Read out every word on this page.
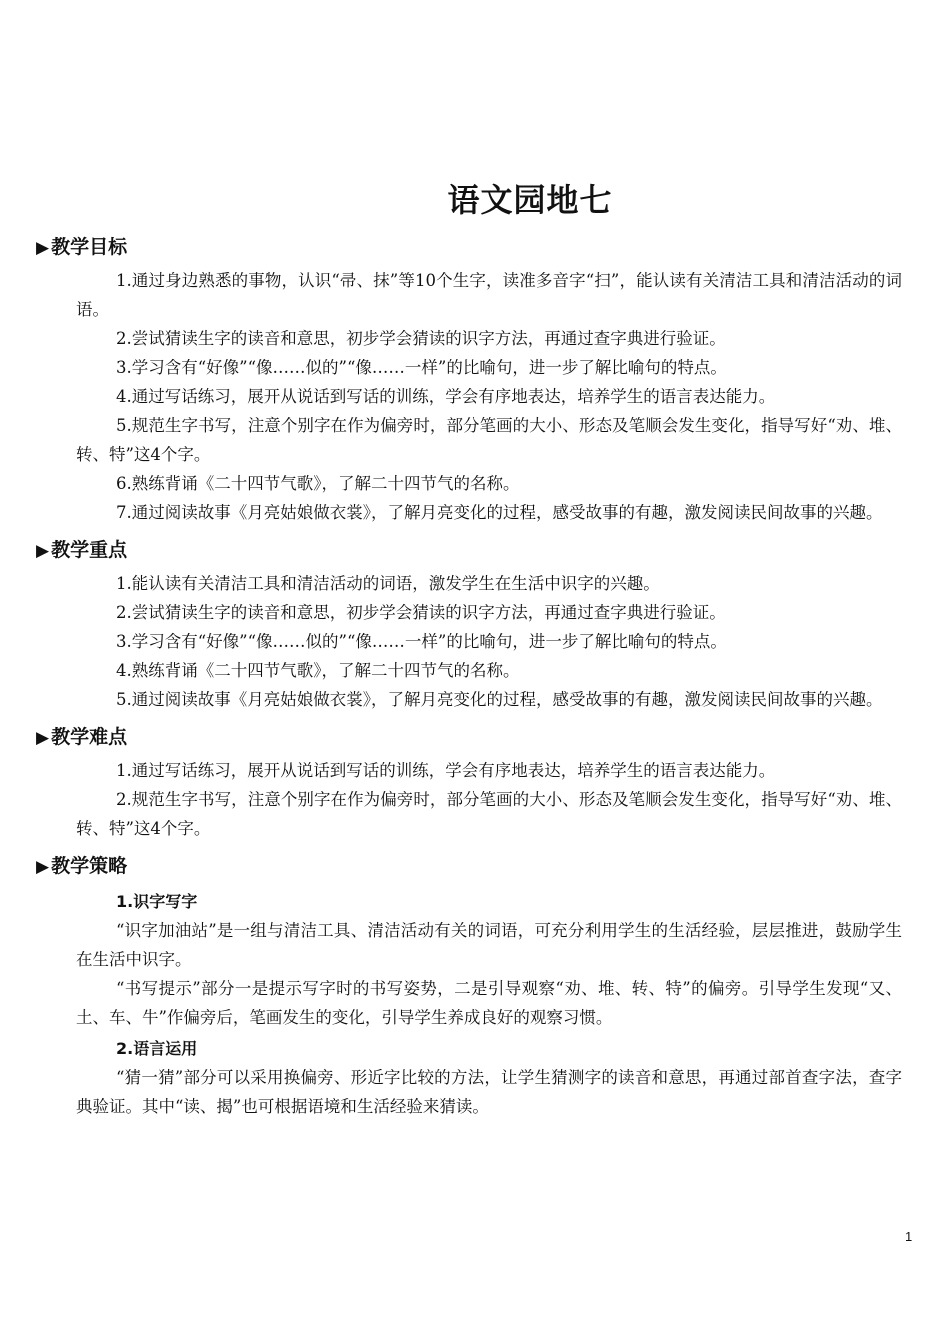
语文园地七
▶ 教学目标

1.通过身边熟悉的事物，认识“帚、抹”等10个生字，读准多音字“扫”，能认读有关清洁工具和清洁活动的词语。

2.尝试猜读生字的读音和意思，初步学会猜读的识字方法，再通过查字典进行验证。

3.学习含有“好像”“像……似的”“像……一样”的比喻句，进一步了解比喻句的特点。

4.通过写话练习，展开从说话到写话的训练，学会有序地表达，培养学生的语言表达能力。

5.规范生字书写，注意个别字在作为偏旁时，部分笔画的大小、形态及笔顺会发生变化，指导写好“劝、堆、转、特”这4个字。

6.熟练背诵《二十四节气歌》，了解二十四节气的名称。

7.通过阅读故事《月亮姑娘做衣裳》，了解月亮变化的过程，感受故事的有趣，激发阅读民间故事的兴趣。

▶ 教学重点

1.能认读有关清洁工具和清洁活动的词语，激发学生在生活中识字的兴趣。

2.尝试猜读生字的读音和意思，初步学会猜读的识字方法，再通过查字典进行验证。

3.学习含有“好像”“像……似的”“像……一样”的比喻句，进一步了解比喻句的特点。

4.熟练背诵《二十四节气歌》，了解二十四节气的名称。

5.通过阅读故事《月亮姑娘做衣裳》，了解月亮变化的过程，感受故事的有趣，激发阅读民间故事的兴趣。

▶ 教学难点

1.通过写话练习，展开从说话到写话的训练，学会有序地表达，培养学生的语言表达能力。

2.规范生字书写，注意个别字在作为偏旁时，部分笔画的大小、形态及笔顺会发生变化，指导写好“劝、堆、转、特”这4个字。

▶ 教学策略
1.识字写字

“识字加油站”是一组与清洁工具、清洁活动有关的词语，可充分利用学生的生活经验，层层推进，鼓励学生在生活中识字。

“书写提示”部分一是提示写字时的书写姿势，二是引导观察“劝、堆、转、特”的偏旁。引导学生发现“又、土、车、牛”作偏旁后，笔画发生的变化，引导学生养成良好的观察习惯。

2.语言运用

“猜一猜”部分可以采用换偏旁、形近字比较的方法，让学生猜测字的读音和意思，再通过部首查字法，查字典验证。其中“读、揭”也可根据语境和生活经验来猜读。

1
